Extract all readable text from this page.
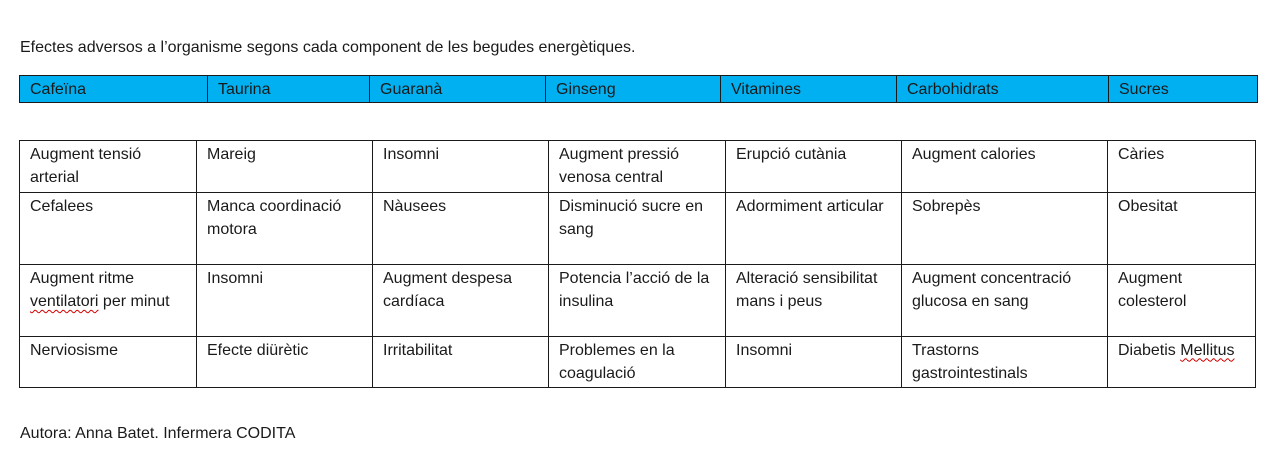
Efectes adversos a l’organisme segons cada component de les begudes energètiques.
Cafeïna	Taurina	Guaranà	Ginseng	Vitamines	Carbohidrats	Sucres
Augment tensió arterial	Mareig	Insomni	Augment pressió venosa central	Erupció cutània	Augment calories	Càries
Cefalees	Manca coordinació motora	Nàusees	Disminució sucre en sang	Adormiment articular	Sobrepès	Obesitat
Augment ritme ventilatori per minut	Insomni	Augment despesa cardíaca	Potencia l’acció de la insulina	Alteració sensibilitat mans i peus	Augment concentració glucosa en sang	Augment colesterol
Nerviosisme	Efecte diürètic	Irritabilitat	Problemes en la coagulació	Insomni	Trastorns gastrointestinals	Diabetis Mellitus
Autora: Anna Batet. Infermera CODITA
